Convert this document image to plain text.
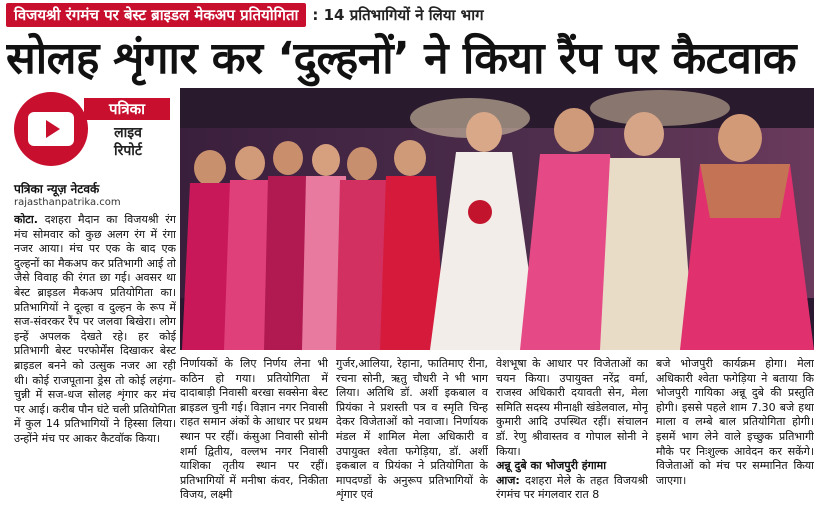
विजयश्री रंगमंच पर बेस्ट ब्राइडल मेकअप प्रतियोगिता : 14 प्रतिभागियों ने लिया भाग
सोलह शृंगार कर ‘दुल्हनों’ ने किया रैंप पर कैटवाक
पत्रिका
लाइव
रिपोर्ट
पत्रिका न्यूज़ नेटवर्क
rajasthanpatrika.com
कोटा. दशहरा मैदान का विजयश्री रंग मंच सोमवार को कुछ अलग रंग में रंगा नजर आया। मंच पर एक के बाद एक दुल्हनों का मैकअप कर प्रतिभागी आई तो जैसे विवाह की रंगत छा गई। अवसर था बेस्ट ब्राइडल मैकअप प्रतियोगिता का। प्रतिभागियों ने दूल्हा व दुल्हन के रूप में सज-संवरकर रैंप पर जलवा बिखेरा। लोग इन्हें अपलक देखते रहे। हर कोई प्रतिभागी बेस्ट परफोर्मेंस दिखाकर बेस्ट ब्राइडल बनने को उत्सुक नजर आ रही थी। कोई राजपूताना ड्रेस तो कोई लहंगा-चुन्नी में सज-धज सोलह शृंगार कर मंच पर आई। करीब पौन घंटे चली प्रतियोगिता में कुल 14 प्रतिभागियों ने हिस्सा लिया। उन्होंने मंच पर आकर कैटवॉक किया।
निर्णायकों के लिए निर्णय लेना भी कठिन हो गया। प्रतियोगिता में दादाबाड़ी निवासी बरखा सक्सेना बेस्ट ब्राइडल चुनी गई। विज्ञान नगर निवासी राहत समान अंकों के आधार पर प्रथम स्थान पर रहीं। कंसुआ निवासी सोनी शर्मा द्वितीय, वल्लभ नगर निवासी याशिका तृतीय स्थान पर रहीं। प्रतिभागियों में मनीषा कंवर, निकीता विजय, लक्ष्मी
गुर्जर,आलिया, रेहाना, फातिमाए रीना, रचना सोनी, ऋतु चौधरी ने भी भाग लिया। अतिथि डॉ. अर्शी इकबाल व प्रियंका ने प्रशस्ती पत्र व स्मृति चिन्ह देकर विजेताओं को नवाजा। निर्णायक मंडल में शामिल मेला अधिकारी व उपायुक्त श्वेता फगेड़िया, डॉ. अर्शी इकबाल व प्रियंका ने प्रतियोगिता के मापदण्डों के अनुरूप प्रतिभागियों के शृंगार एवं
वेशभूषा के आधार पर विजेताओं का चयन किया। उपायुक्त नरेंद्र वर्मा, राजस्व अधिकारी दयावती सेन, मेला समिति सदस्य मीनाक्षी खंडेलवाल, मोनू कुमारी आदि उपस्थित रहीं। संचालन डॉ. रेणु श्रीवास्तव व गोपाल सोनी ने किया।
अन्नू दुबे का भोजपुरी हंगामा
आज: दशहरा मेले के तहत विजयश्री रंगमंच पर मंगलवार रात 8
बजे भोजपुरी कार्यक्रम होगा। मेला अधिकारी श्वेता फगेड़िया ने बताया कि भोजपुरी गायिका अन्नू दुबे की प्रस्तुति होगी। इससे पहले शाम 7.30 बजे हथा माला व लम्बे बाल प्रतियोगिता होगी। इसमें भाग लेने वाले इच्छुक प्रतिभागी मौके पर निःशुल्क आवेदन कर सकेंगे। विजेताओं को मंच पर सम्मानित किया जाएगा।
